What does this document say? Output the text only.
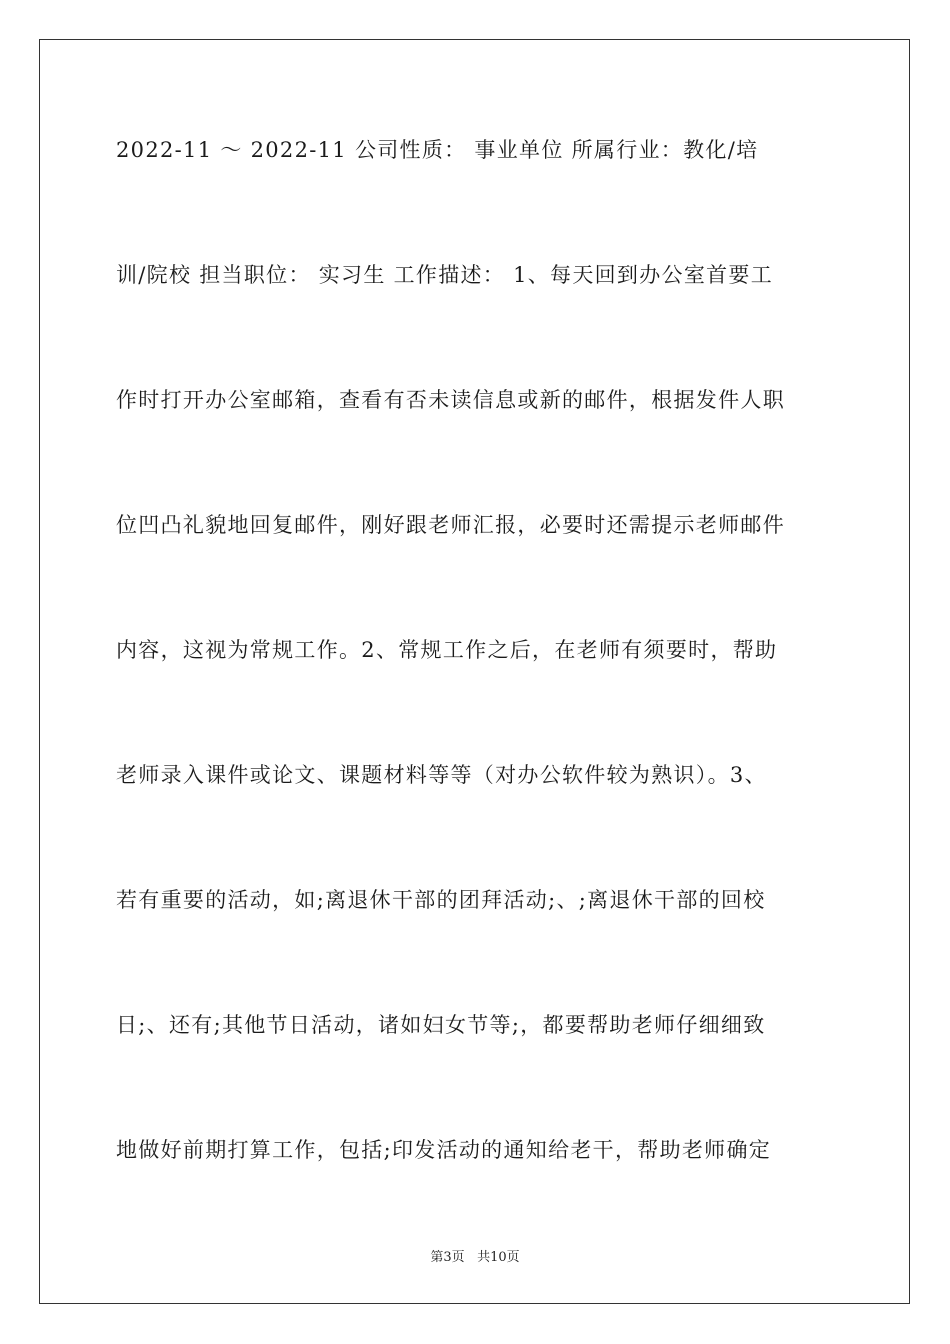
2022-11 ～ 2022-11 公司性质： 事业单位 所属行业：教化/培
训/院校 担当职位： 实习生 工作描述： 1、每天回到办公室首要工
作时打开办公室邮箱，查看有否未读信息或新的邮件，根据发件人职
位凹凸礼貌地回复邮件，刚好跟老师汇报，必要时还需提示老师邮件
内容，这视为常规工作。2、常规工作之后，在老师有须要时，帮助
老师录入课件或论文、课题材料等等（对办公软件较为熟识）。3、
若有重要的活动，如;离退休干部的团拜活动;、;离退休干部的回校
日;、还有;其他节日活动，诸如妇女节等;，都要帮助老师仔细细致
地做好前期打算工作，包括;印发活动的通知给老干，帮助老师确定
第3页 共10页
